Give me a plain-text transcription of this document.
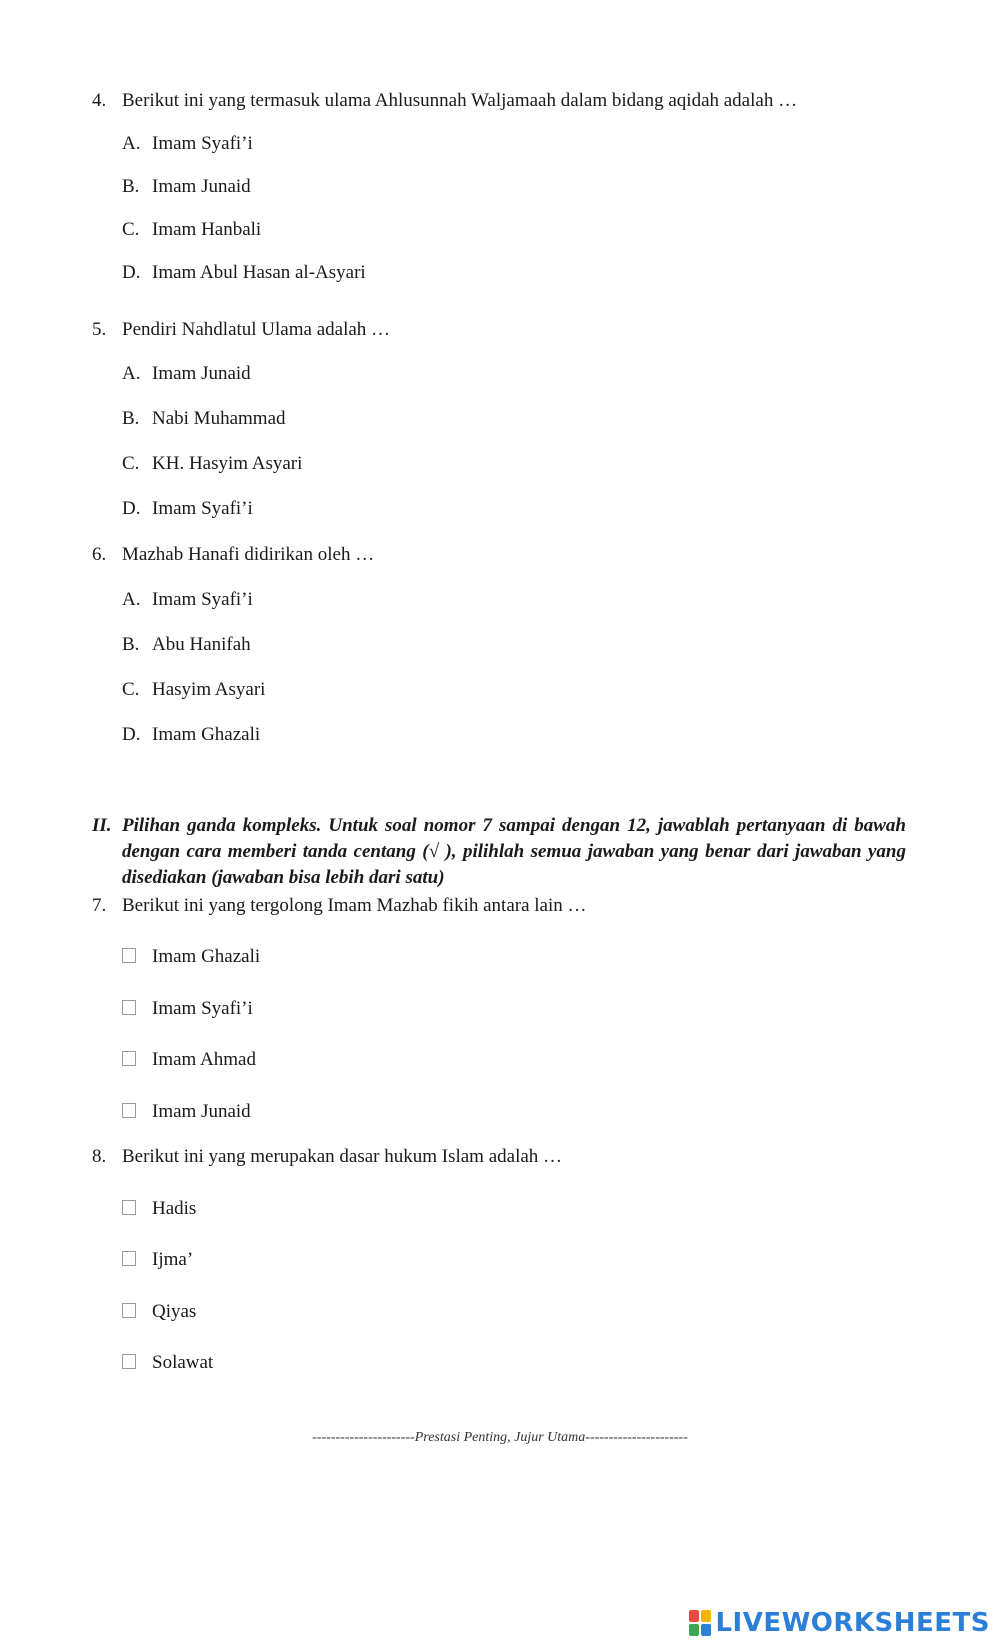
4. Berikut ini yang termasuk ulama Ahlusunnah Waljamaah dalam bidang aqidah adalah …
A. Imam Syafi’i
B. Imam Junaid
C. Imam Hanbali
D. Imam Abul Hasan al-Asyari
5. Pendiri Nahdlatul Ulama adalah …
A. Imam Junaid
B. Nabi Muhammad
C. KH. Hasyim Asyari
D. Imam Syafi’i
6. Mazhab Hanafi didirikan oleh …
A. Imam Syafi’i
B. Abu Hanifah
C. Hasyim Asyari
D. Imam Ghazali
II. Pilihan ganda kompleks. Untuk soal nomor 7 sampai dengan 12, jawablah pertanyaan di bawah dengan cara memberi tanda centang (√ ), pilihlah semua jawaban yang benar dari jawaban yang disediakan (jawaban bisa lebih dari satu)
7. Berikut ini yang tergolong Imam Mazhab fikih antara lain …
Imam Ghazali
Imam Syafi’i
Imam Ahmad
Imam Junaid
8. Berikut ini yang merupakan dasar hukum Islam adalah …
Hadis
Ijma’
Qiyas
Solawat
----------------------Prestasi Penting, Jujur Utama----------------------
LIVEWORKSHEETS
